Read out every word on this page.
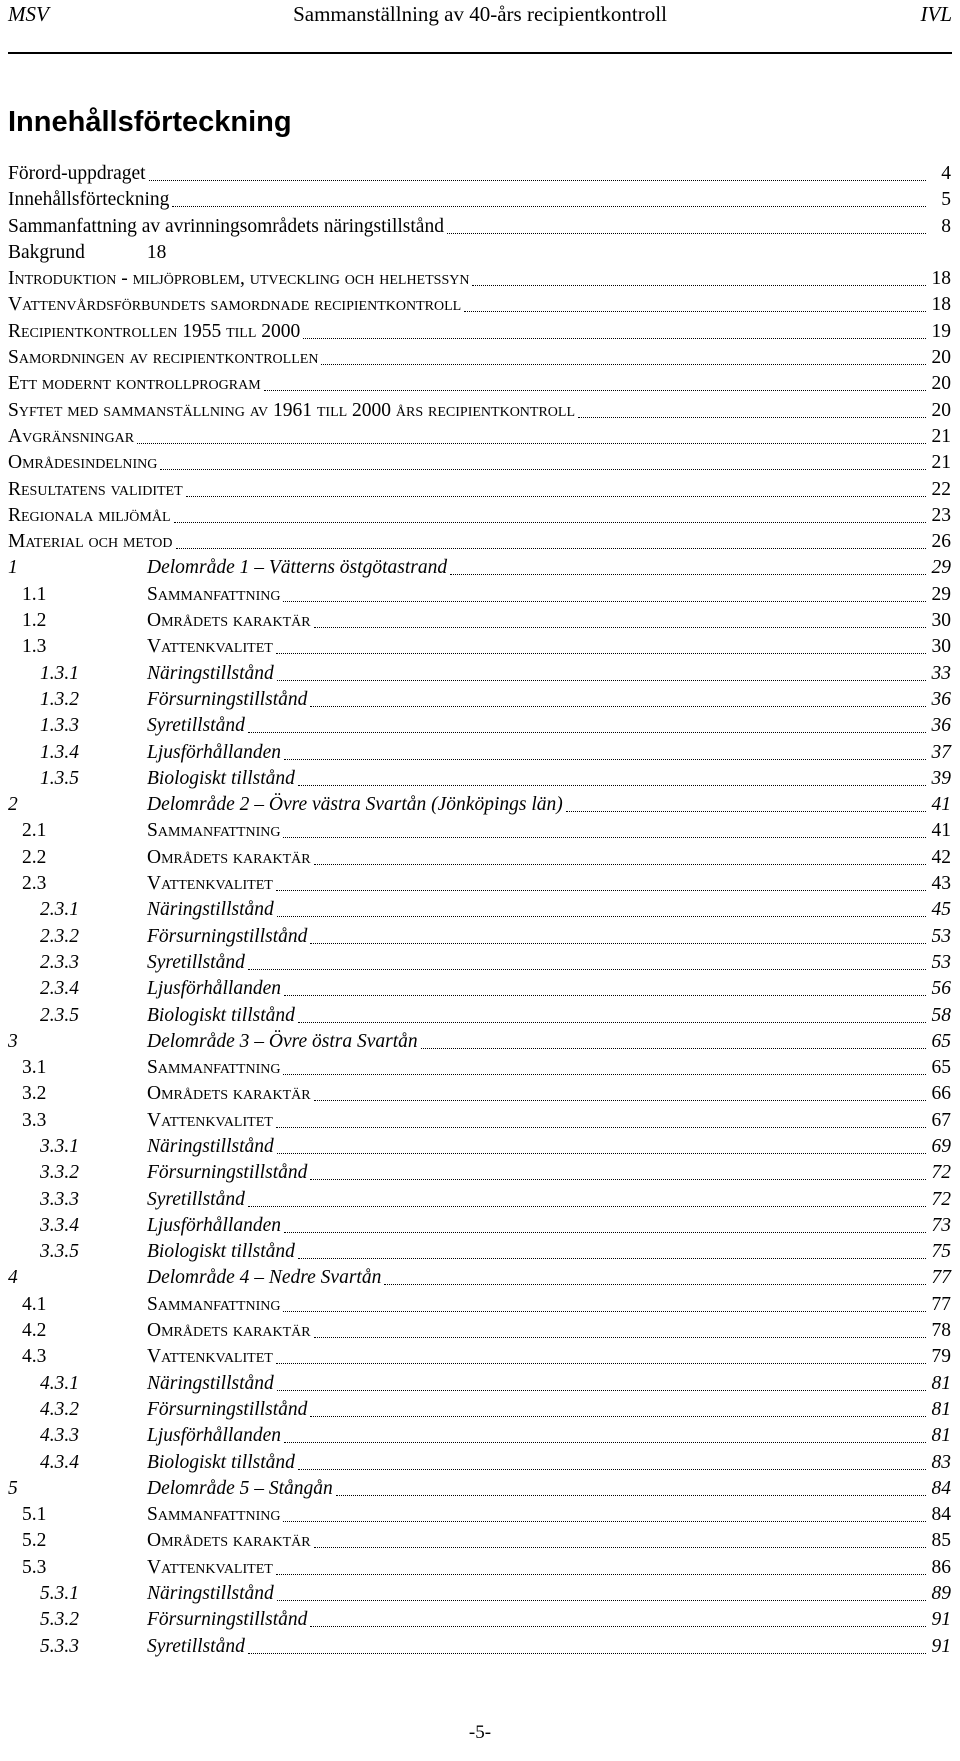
MSV	Sammanställning av 40-års recipientkontroll	IVL
Innehållsförteckning
Förord-uppdraget	4
Innehållsförteckning	5
Sammanfattning av avrinningsområdets näringstillstånd	8
Bakgrund	18
Introduktion - miljöproblem, utveckling och helhetssyn	18
Vattenvårdsförbundets samordnade recipientkontroll	18
Recipientkontrollen 1955 till 2000	19
Samordningen av recipientkontrollen	20
Ett modernt kontrollprogram	20
Syftet med sammanställning av 1961 till 2000 års recipientkontroll	20
Avgränsningar	21
Områdesindelning	21
Resultatens validitet	22
Regionala miljömål	23
Material och metod	26
1	Delområde 1 – Vätterns östgötastrand	29
1.1	Sammanfattning	29
1.2	Områdets karaktär	30
1.3	Vattenkvalitet	30
1.3.1	Näringstillstånd	33
1.3.2	Försurningstillstånd	36
1.3.3	Syretillstånd	36
1.3.4	Ljusförhållanden	37
1.3.5	Biologiskt tillstånd	39
2	Delområde 2 – Övre västra Svartån (Jönköpings län)	41
2.1	Sammanfattning	41
2.2	Områdets karaktär	42
2.3	Vattenkvalitet	43
2.3.1	Näringstillstånd	45
2.3.2	Försurningstillstånd	53
2.3.3	Syretillstånd	53
2.3.4	Ljusförhållanden	56
2.3.5	Biologiskt tillstånd	58
3	Delområde 3 – Övre östra Svartån	65
3.1	Sammanfattning	65
3.2	Områdets karaktär	66
3.3	Vattenkvalitet	67
3.3.1	Näringstillstånd	69
3.3.2	Försurningstillstånd	72
3.3.3	Syretillstånd	72
3.3.4	Ljusförhållanden	73
3.3.5	Biologiskt tillstånd	75
4	Delområde 4 – Nedre Svartån	77
4.1	Sammanfattning	77
4.2	Områdets karaktär	78
4.3	Vattenkvalitet	79
4.3.1	Näringstillstånd	81
4.3.2	Försurningstillstånd	81
4.3.3	Ljusförhållanden	81
4.3.4	Biologiskt tillstånd	83
5	Delområde 5 – Stångån	84
5.1	Sammanfattning	84
5.2	Områdets karaktär	85
5.3	Vattenkvalitet	86
5.3.1	Näringstillstånd	89
5.3.2	Försurningstillstånd	91
5.3.3	Syretillstånd	91
-5-
